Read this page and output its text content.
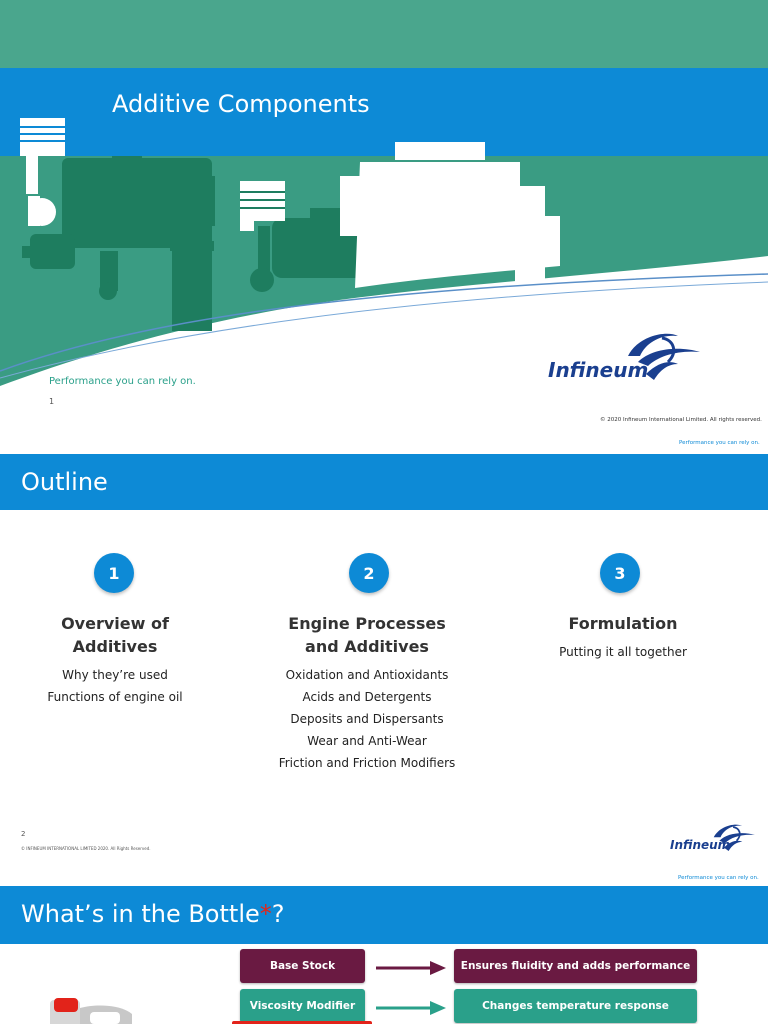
Additive Components
Performance you can rely on.
1
Infineum
© 2020 Infineum International Limited. All rights reserved.
Performance you can rely on.
Outline
1
Overview of
Additives
Why they’re used
Functions of engine oil
2
Engine Processes
and Additives
Oxidation and Antioxidants
Acids and Detergents
Deposits and Dispersants
Wear and Anti-Wear
Friction and Friction Modifiers
3
Formulation
Putting it all together
2
© INFINEUM INTERNATIONAL LIMITED 2020. All Rights Reserved.	Infineum
Performance you can rely on.
What’s in the Bottle*?
Base Stock	Ensures fluidity and adds performance
Viscosity Modifier	Changes temperature response
